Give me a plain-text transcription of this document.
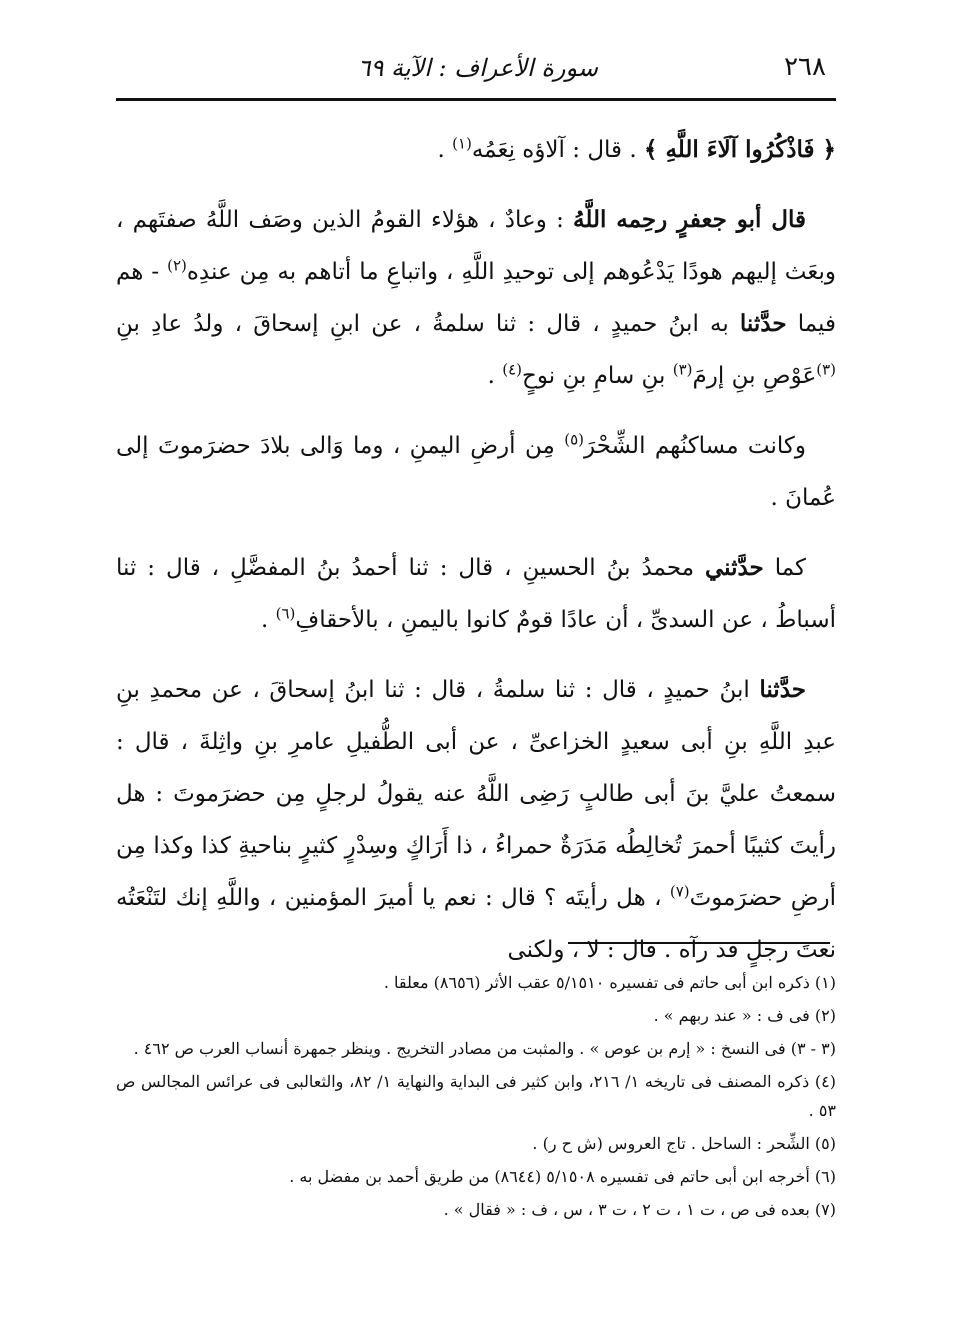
٢٦٨
سورة الأعراف : الآية ٦٩

﴿ فَاذْكُرُوا آلَاءَ اللَّهِ ﴾ . قال : آلاؤه نِعَمُه$^{(١)}$ .

قال أبو جعفرٍ رحِمه اللَّهُ : وعادٌ ، هؤلاء القومُ الذين وصَف اللَّهُ صفتَهم ، وبعَث إليهم هودًا يَدْعُوهم إلى توحيدِ اللَّهِ ، واتباعِ ما أتاهم به مِن عندِه$^{(٢)}$ - هم فيما حدَّثنا به ابنُ حميدٍ ، قال : ثنا سلمةُ ، عن ابنِ إسحاقَ ، ولدُ عادِ بنِ $^{(٣)}$عَوْصِ بنِ إرمَ$^{(٣)}$ بنِ سامِ بنِ نوحٍ$^{(٤)}$ .

وكانت مساكنُهم الشِّحْرَ$^{(٥)}$ مِن أرضِ اليمنِ ، وما وَالى بلادَ حضرَموتَ إلى عُمانَ .

كما حدَّثني محمدُ بنُ الحسينِ ، قال : ثنا أحمدُ بنُ المفضَّلِ ، قال : ثنا أسباطُ ، عن السدىِّ ، أن عادًا قومٌ كانوا باليمنِ ، بالأحقافِ$^{(٦)}$ .

حدَّثنا ابنُ حميدٍ ، قال : ثنا سلمةُ ، قال : ثنا ابنُ إسحاقَ ، عن محمدِ بنِ عبدِ اللَّهِ بنِ أبى سعيدٍ الخزاعىِّ ، عن أبى الطُّفيلِ عامرِ بنِ واثِلةَ ، قال : سمعتُ عليَّ بنَ أبى طالبٍ رَضِى اللَّهُ عنه يقولُ لرجلٍ مِن حضرَموتَ : هل رأيتَ كثيبًا أحمرَ تُخالِطُه مَدَرَةٌ حمراءُ ، ذا أَرَاكٍ وسِدْرٍ كثيرٍ بناحيةِ كذا وكذا مِن أرضِ حضرَموتَ$^{(٧)}$ ، هل رأيتَه ؟ قال : نعم يا أميرَ المؤمنين ، واللَّهِ إنك لتَنْعَتُه نعتَ رجلٍ قد رآه . قال : لا ، ولكنى

(١) ذكره ابن أبى حاتم فى تفسيره ٥/١٥١٠ عقب الأثر (٨٦٥٦) معلقا .

(٢) فى ف : « عند ربهم » .

(٣ - ٣) فى النسخ : « إرم بن عوص » . والمثبت من مصادر التخريج . وينظر جمهرة أنساب العرب ص ٤٦٢ .

(٤) ذكره المصنف فى تاريخه ١/ ٢١٦، وابن كثير فى البداية والنهاية ١/ ٨٢، والثعالبى فى عرائس المجالس ص ٥٣ .

(٥) الشِّحر : الساحل . تاج العروس (ش ح ر) .

(٦) أخرجه ابن أبى حاتم فى تفسيره ٥/١٥٠٨ (٨٦٤٤) من طريق أحمد بن مفضل به .

(٧) بعده فى ص ، ت ١ ، ت ٢ ، ت ٣ ، س ، ف : « فقال » .
